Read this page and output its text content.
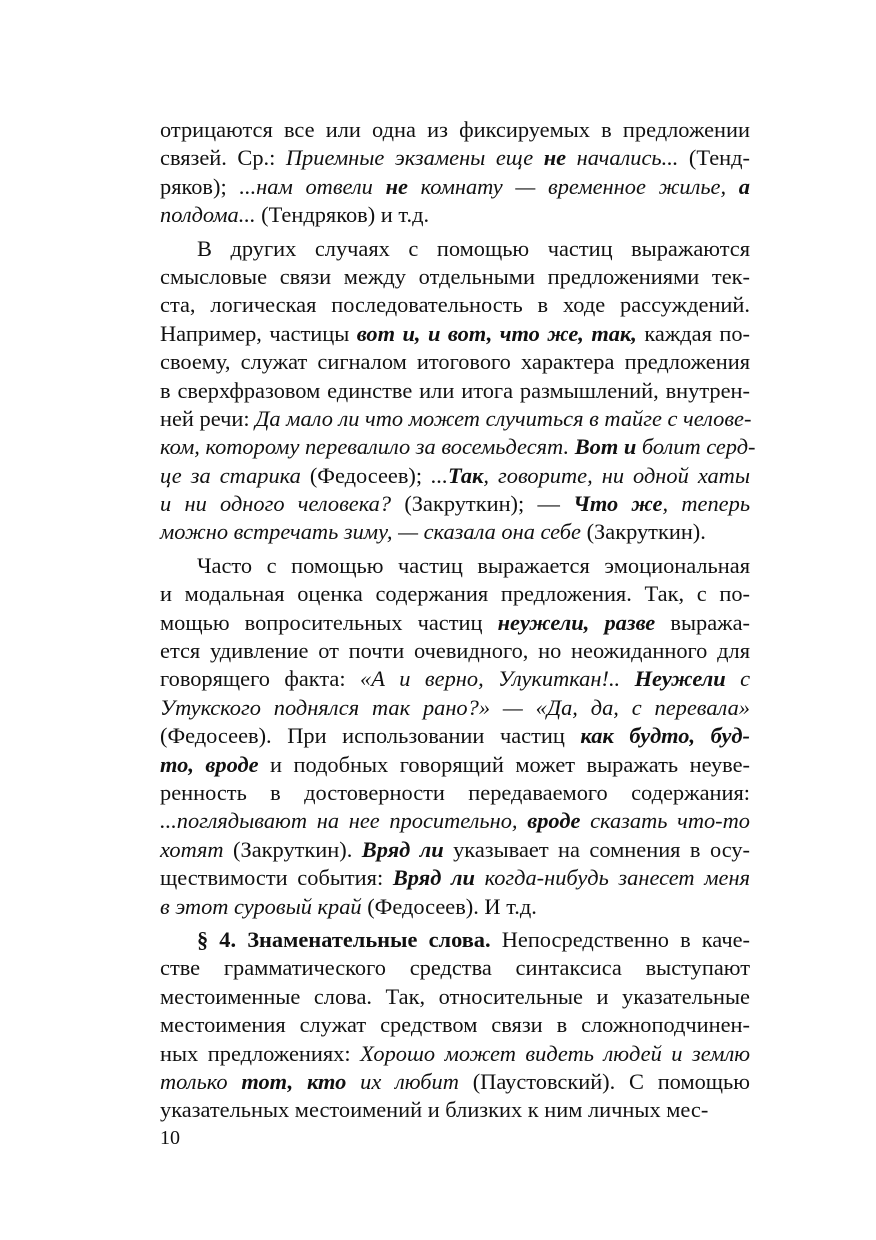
отрицаются все или одна из фиксируемых в предложении
связей. Ср.: Приемные экзамены еще не начались... (Тенд-
ряков); ...нам отвели не комнату — временное жилье, а
полдома... (Тендряков) и т.д.
В других случаях с помощью частиц выражаются
смысловые связи между отдельными предложениями тек-
ста, логическая последовательность в ходе рассуждений.
Например, частицы вот и, и вот, что же, так, каждая по-
своему, служат сигналом итогового характера предложения
в сверхфразовом единстве или итога размышлений, внутрен-
ней речи: Да мало ли что может случиться в тайге с челове-
ком, которому перевалило за восемьдесят. Вот и болит серд-
це за старика (Федосеев); ...Так, говорите, ни одной хаты
и ни одного человека? (Закруткин); — Что же, теперь
можно встречать зиму, — сказала она себе (Закруткин).
Часто с помощью частиц выражается эмоциональная
и модальная оценка содержания предложения. Так, с по-
мощью вопросительных частиц неужели, разве выража-
ется удивление от почти очевидного, но неожиданного для
говорящего факта: «А и верно, Улукиткан!.. Неужели с
Утукского поднялся так рано?» — «Да, да, с перевала»
(Федосеев). При использовании частиц как будто, буд-
то, вроде и подобных говорящий может выражать неуве-
ренность в достоверности передаваемого содержания:
...поглядывают на нее просительно, вроде сказать что-то
хотят (Закруткин). Вряд ли указывает на сомнения в осу-
ществимости события: Вряд ли когда-нибудь занесет меня
в этот суровый край (Федосеев). И т.д.
§ 4. Знаменательные слова. Непосредственно в каче-
стве грамматического средства синтаксиса выступают
местоименные слова. Так, относительные и указательные
местоимения служат средством связи в сложноподчинен-
ных предложениях: Хорошо может видеть людей и землю
только тот, кто их любит (Паустовский). С помощью
указательных местоимений и близких к ним личных мес-
10
